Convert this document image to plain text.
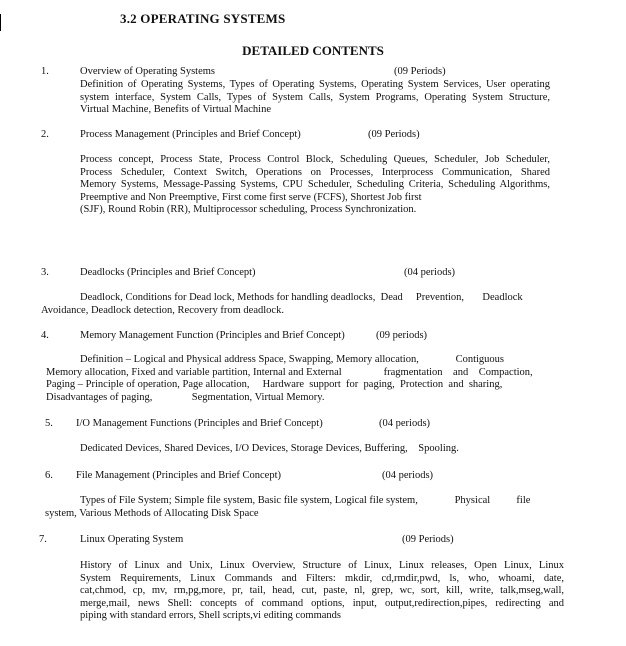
3.2 OPERATING SYSTEMS
DETAILED CONTENTS
1.	Overview of Operating Systems	(09 Periods)
Definition of Operating Systems, Types of Operating Systems, Operating System Services, User operating
system interface, System Calls, Types of System Calls, System Programs, Operating System Structure,
Virtual Machine, Benefits of Virtual Machine
2.	Process Management (Principles and Brief Concept)	(09 Periods)
Process concept, Process State, Process Control Block, Scheduling Queues, Scheduler, Job Scheduler,
Process Scheduler, Context Switch, Operations on Processes, Interprocess Communication, Shared
Memory Systems, Message-Passing Systems, CPU Scheduler, Scheduling Criteria, Scheduling Algorithms,
Preemptive and Non Preemptive, First come first serve (FCFS), Shortest Job first
(SJF), Round Robin (RR), Multiprocessor scheduling, Process Synchronization.
3.	Deadlocks (Principles and Brief Concept)	(04 periods)
Deadlock, Conditions for Dead lock, Methods for handling deadlocks,  Dead     Prevention,       Deadlock
Avoidance, Deadlock detection, Recovery from deadlock.
4.	Memory Management Function (Principles and Brief Concept)	(09 periods)
Definition – Logical and Physical address Space, Swapping, Memory allocation,              Contiguous
Memory allocation, Fixed and variable partition, Internal and External                fragmentation    and    Compaction,
Paging – Principle of operation, Page allocation,     Hardware  support  for  paging,  Protection  and  sharing,
Disadvantages of paging,               Segmentation, Virtual Memory.
5. I/O Management Functions (Principles and Brief Concept)	(04 periods)
Dedicated Devices, Shared Devices, I/O Devices, Storage Devices, Buffering,    Spooling.
6. File Management (Principles and Brief Concept)	(04 periods)
Types of File System; Simple file system, Basic file system, Logical file system,              Physical          file
system, Various Methods of Allocating Disk Space
7.	Linux Operating System	(09 Periods)
History of Linux and Unix, Linux Overview, Structure of Linux, Linux releases, Open Linux, Linux
System Requirements, Linux Commands and Filters: mkdir, cd,rmdir,pwd, ls, who, whoami, date,
cat,chmod, cp, mv, rm,pg,more, pr, tail, head, cut, paste, nl, grep, wc, sort, kill, write, talk,mseg,wall,
merge,mail, news Shell: concepts of command options, input, output,redirection,pipes, redirecting and
piping with standard errors, Shell scripts,vi editing commands
